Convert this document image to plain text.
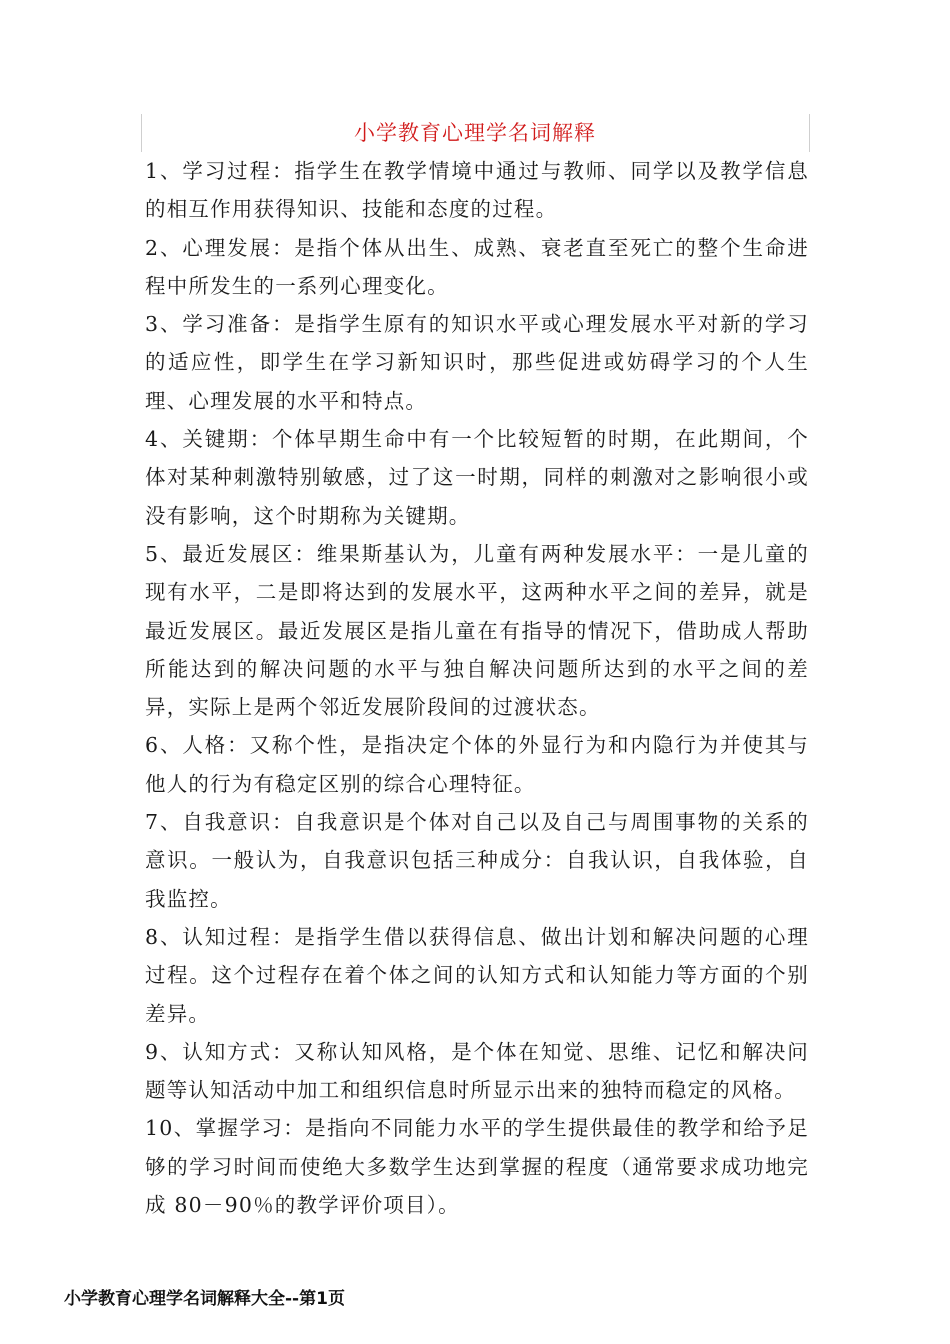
小学教育心理学名词解释

1、学习过程：指学生在教学情境中通过与教师、同学以及教学信息的相互作用获得知识、技能和态度的过程。

2、心理发展：是指个体从出生、成熟、衰老直至死亡的整个生命进程中所发生的一系列心理变化。

3、学习准备：是指学生原有的知识水平或心理发展水平对新的学习的适应性，即学生在学习新知识时，那些促进或妨碍学习的个人生理、心理发展的水平和特点。

4、关键期：个体早期生命中有一个比较短暂的时期，在此期间，个体对某种刺激特别敏感，过了这一时期，同样的刺激对之影响很小或没有影响，这个时期称为关键期。

5、最近发展区：维果斯基认为，儿童有两种发展水平：一是儿童的现有水平，二是即将达到的发展水平，这两种水平之间的差异，就是最近发展区。最近发展区是指儿童在有指导的情况下，借助成人帮助所能达到的解决问题的水平与独自解决问题所达到的水平之间的差异，实际上是两个邻近发展阶段间的过渡状态。

6、人格：又称个性，是指决定个体的外显行为和内隐行为并使其与他人的行为有稳定区别的综合心理特征。

7、自我意识：自我意识是个体对自己以及自己与周围事物的关系的意识。一般认为，自我意识包括三种成分：自我认识，自我体验，自我监控。

8、认知过程：是指学生借以获得信息、做出计划和解决问题的心理过程。这个过程存在着个体之间的认知方式和认知能力等方面的个别差异。

9、认知方式：又称认知风格，是个体在知觉、思维、记忆和解决问题等认知活动中加工和组织信息时所显示出来的独特而稳定的风格。

10、掌握学习：是指向不同能力水平的学生提供最佳的教学和给予足够的学习时间而使绝大多数学生达到掌握的程度（通常要求成功地完成 80－90％的教学评价项目）。

小学教育心理学名词解释大全--第1页
